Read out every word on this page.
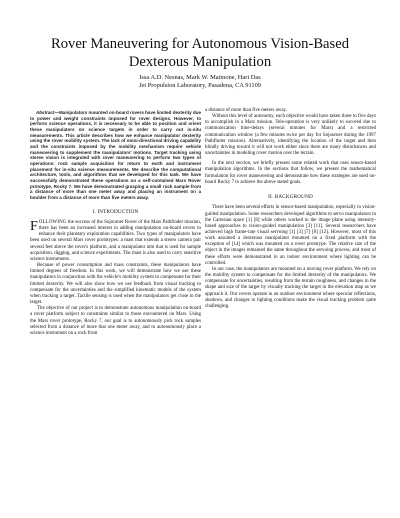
Rover Maneuvering for Autonomous Vision-Based Dexterous Manipulation
Issa A.D. Nesnas, Mark W. Maimone, Hari Das
Jet Propulsion Laboratory, Pasadena, CA 91109

Abstract—Manipulators mounted on-board rovers have limited dexterity due to power and weight constraints imposed for rover designs. However, to perform science operations, it is necessary to be able to position and orient these manipulators on science targets in order to carry out in-situ measurements. This article describes how we enhance manipulator dexterity using the rover mobility system. The lack of omni-directional driving capability and the constraints imposed by the mobility mechanism require vehicle maneuvering to supplement the manipulators' motions. Target tracking using stereo vision is integrated with rover maneuvering to perform two types of operations: rock sample acquisition for return to earth and instrument placement for in-situ science measurements. We describe the computational architecture, tools, and algorithms that we developed for this task. We have successfully demonstrated these operations on a self-contained Mars Rover prototype, Rocky 7. We have demonstrated grasping a small rock sample from a distance of more than one meter away and placing an instrument on a boulder from a distance of more than five meters away.

I. INTRODUCTION

FOLLOWING the success of the Sojourner Rover of the Mars Pathfinder mission, there has been an increased interest in adding manipulation on-board rovers to enhance their planetary exploration capabilities. Two types of manipulators have been used on several Mars rover prototypes: a mast that extends a stereo camera pair several feet above the rover's platform, and a manipulator arm that is used for sample acquisition, digging, and science experiments. The mast is also used to carry sensitive science instruments.

Because of power consumption and mass constraints, these manipulators have limited degrees of freedom. In this work, we will demonstrate how we use these manipulators in conjunction with the vehicle's mobility system to compensate for their limited dexterity. We will also show how we use feedback from visual tracking to compensate for the uncertainties and the simplified kinematic models of the system when tracking a target. Tactile sensing is used when the manipulators get close to the target.

The objective of our project is to demonstrate autonomous manipulation on-board a rover platform subject to constraints similar to those encountered on Mars. Using the Mars rover prototype, Rocky 7, our goal is to autonomously pick rock samples selected from a distance of more that one meter away, and to autonomously place a science instrument on a rock from

a distance of more than five meters away.

Without this level of autonomy, each objective would have taken three to five days to accomplish in a Mars mission. Tele-operation is very unlikely to succeed due to communication time-delays (several minutes for Mars) and a restricted communication window (a few minutes twice per day for Sojourner during the 1997 Pathfinder mission). Alternatively, identifying the location of the target and then blindly driving toward it will not work either since there are many disturbances and uncertainties in modeling rover motion over the terrain.

In the next section, we briefly present some related work that uses sensor-based manipulation algorithms. In the sections that follow, we present the mathematical formulation for rover maneuvering and demonstrate how these strategies are used on-board Rocky 7 to achieve the above stated goals.

II. BACKGROUND

There have been several efforts in sensor-based manipulation, especially in vision-guided manipulation. Some researchers developed algorithms to servo manipulators in the Cartesian space [1] [8] while others worked in the image plane using intensity-based approaches to vision-guided manipulation [3] [11]. Several researchers have achieved high frame-rate visual servoing [1] [3] [7] [8] [12]. However, most of this work assumed a dexterous manipulator mounted on a fixed platform with the exception of [14] which was mounted on a rover prototype. The relative size of the object in the images remained the same throughout the servoing process, and most of these efforts were demonstrated in an indoor environment where lighting can be controlled.

In our case, the manipulators are mounted on a moving rover platform. We rely on the mobility system to compensate for the limited dexterity of the manipulators. We compensate for uncertainties, resulting from the terrain roughness, and changes in the shape and size of the target by visually tracking the target in the elevation map as we approach it. Our rovers operate in an outdoor environment where specular reflections, shadows, and changes in lighting conditions make the visual tracking problem quite challenging.
